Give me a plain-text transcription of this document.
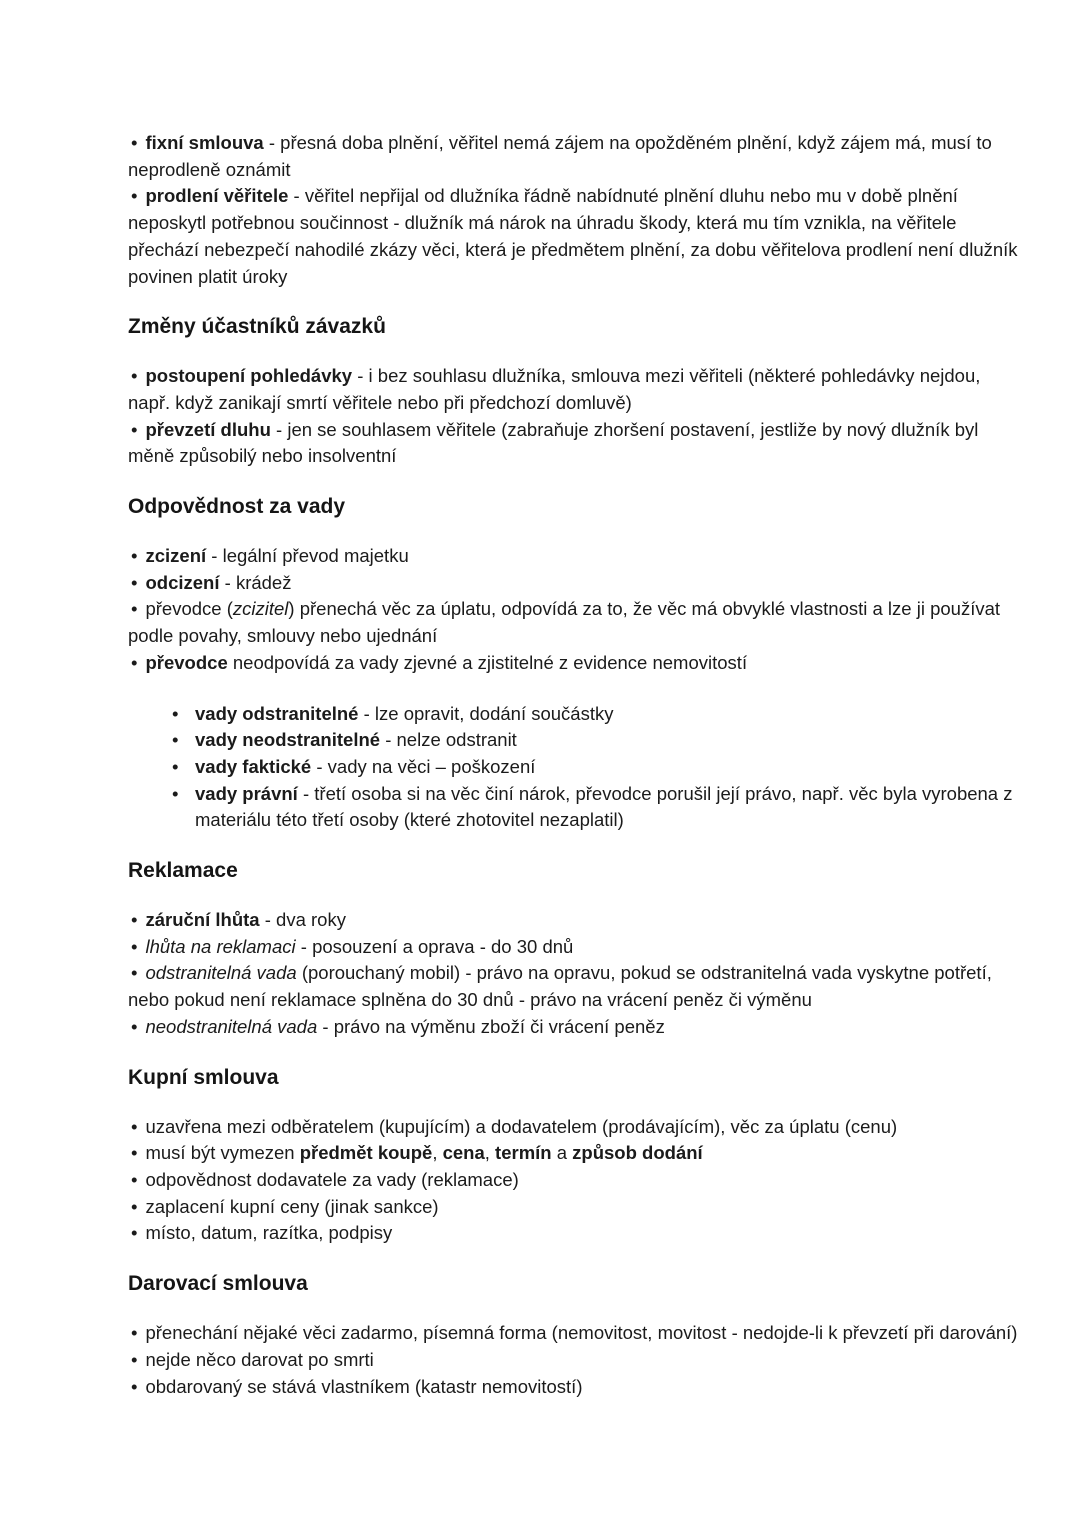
• fixní smlouva - přesná doba plnění, věřitel nemá zájem na opožděném plnění, když zájem má, musí to neprodleně oznámit

• prodlení věřitele - věřitel nepřijal od dlužníka řádně nabídnuté plnění dluhu nebo mu v době plnění neposkytl potřebnou součinnost - dlužník má nárok na úhradu škody, která mu tím vznikla, na věřitele přechází nebezpečí nahodilé zkázy věci, která je předmětem plnění, za dobu věřitelova prodlení není dlužník povinen platit úroky

Změny účastníků závazků

• postoupení pohledávky - i bez souhlasu dlužníka, smlouva mezi věřiteli (některé pohledávky nejdou, např. když zanikají smrtí věřitele nebo při předchozí domluvě)

• převzetí dluhu - jen se souhlasem věřitele (zabraňuje zhoršení postavení, jestliže by nový dlužník byl měně způsobilý nebo insolventní

Odpovědnost za vady

• zcizení - legální převod majetku

• odcizení - krádež

• převodce (zcizitel) přenechá věc za úplatu, odpovídá za to, že věc má obvyklé vlastnosti a lze ji používat podle povahy, smlouvy nebo ujednání

• převodce neodpovídá za vady zjevné a zjistitelné z evidence nemovitostí

• vady odstranitelné - lze opravit, dodání součástky

• vady neodstranitelné - nelze odstranit

• vady faktické - vady na věci – poškození

• vady právní - třetí osoba si na věc činí nárok, převodce porušil její právo, např. věc byla vyrobena z materiálu této třetí osoby (které zhotovitel nezaplatil)

Reklamace

• záruční lhůta - dva roky

• lhůta na reklamaci - posouzení a oprava - do 30 dnů

• odstranitelná vada (porouchaný mobil) - právo na opravu, pokud se odstranitelná vada vyskytne potřetí, nebo pokud není reklamace splněna do 30 dnů - právo na vrácení peněz či výměnu

• neodstranitelná vada - právo na výměnu zboží či vrácení peněz

Kupní smlouva

• uzavřena mezi odběratelem (kupujícím) a dodavatelem (prodávajícím), věc za úplatu (cenu)

• musí být vymezen předmět koupě, cena, termín a způsob dodání

• odpovědnost dodavatele za vady (reklamace)

• zaplacení kupní ceny (jinak sankce)

• místo, datum, razítka, podpisy

Darovací smlouva

• přenechání nějaké věci zadarmo, písemná forma (nemovitost, movitost - nedojde-li k převzetí při darování)

• nejde něco darovat po smrti

• obdarovaný se stává vlastníkem (katastr nemovitostí)
